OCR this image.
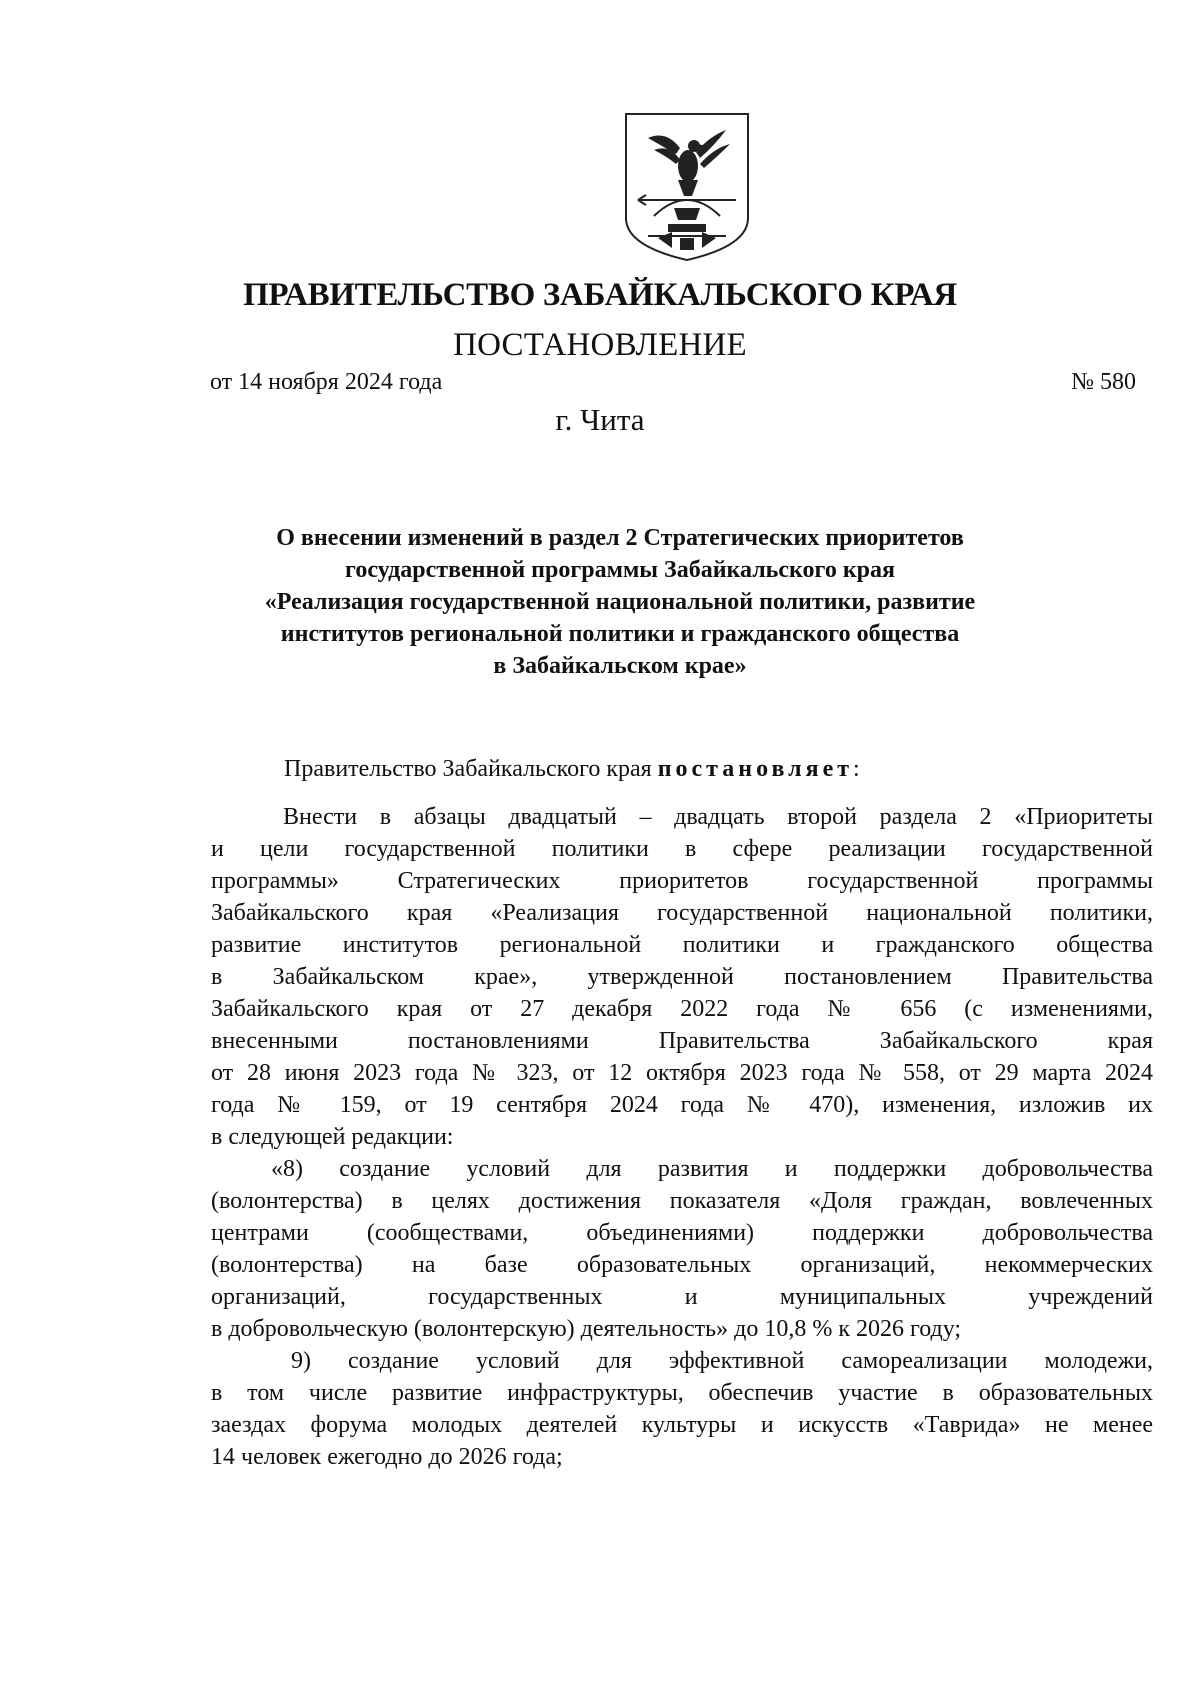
ПРАВИТЕЛЬСТВО ЗАБАЙКАЛЬСКОГО КРАЯ
ПОСТАНОВЛЕНИЕ
от 14 ноября 2024 года	№ 580
г. Чита
О внесении изменений в раздел 2 Стратегических приоритетов
государственной программы Забайкальского края
«Реализация государственной национальной политики, развитие
институтов региональной политики и гражданского общества
в Забайкальском крае»
Правительство Забайкальского края постановляет:
Внести в абзацы двадцатый – двадцать второй раздела 2 «Приоритеты
и цели государственной политики в сфере реализации государственной
программы» Стратегических приоритетов государственной программы
Забайкальского края «Реализация государственной национальной политики,
развитие институтов региональной политики и гражданского общества
в Забайкальском крае», утвержденной постановлением Правительства
Забайкальского края от 27 декабря 2022 года № 656 (с изменениями,
внесенными постановлениями Правительства Забайкальского края
от 28 июня 2023 года № 323, от 12 октября 2023 года № 558, от 29 марта 2024
года № 159, от 19 сентября 2024 года № 470), изменения, изложив их
в следующей редакции:
«8) создание условий для развития и поддержки добровольчества
(волонтерства) в целях достижения показателя «Доля граждан, вовлеченных
центрами (сообществами, объединениями) поддержки добровольчества
(волонтерства) на базе образовательных организаций, некоммерческих
организаций, государственных и муниципальных учреждений
в добровольческую (волонтерскую) деятельность» до 10,8 % к 2026 году;
9) создание условий для эффективной самореализации молодежи,
в том числе развитие инфраструктуры, обеспечив участие в образовательных
заездах форума молодых деятелей культуры и искусств «Таврида» не менее
14 человек ежегодно до 2026 года;
